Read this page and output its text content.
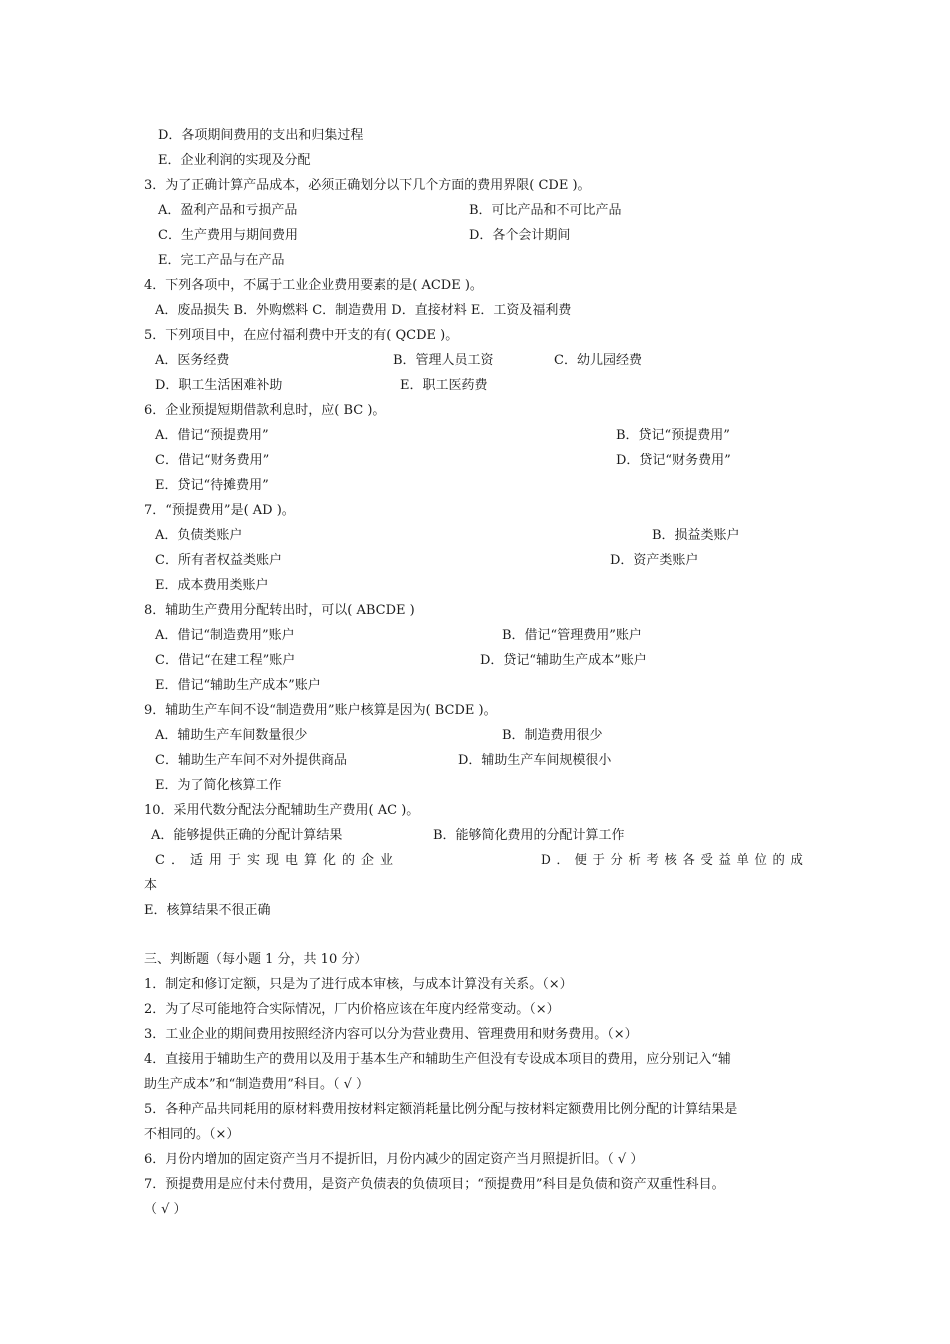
D．各项期间费用的支出和归集过程
E．企业利润的实现及分配
3．为了正确计算产品成本，必须正确划分以下几个方面的费用界限( CDE )。
A．盈利产品和亏损产品	B．可比产品和不可比产品
C．生产费用与期间费用	D．各个会计期间
E．完工产品与在产品
4．下列各项中，不属于工业企业费用要素的是( ACDE )。
A．废品损失 B．外购燃料 C．制造费用 D．直接材料 E．工资及福利费
5．下列项目中，在应付福利费中开支的有( QCDE )。
A．医务经费	B．管理人员工资	C．幼儿园经费
D．职工生活困难补助	E．职工医药费
6．企业预提短期借款利息时，应( BC )。
A．借记“预提费用”	B．贷记“预提费用”
C．借记“财务费用”	D．贷记“财务费用”
E．贷记“待摊费用”
7．“预提费用”是( AD )。
A．负债类账户	B．损益类账户
C．所有者权益类账户	D．资产类账户
E．成本费用类账户
8．辅助生产费用分配转出时，可以( ABCDE )
A．借记“制造费用”账户	B．借记“管理费用”账户
C．借记“在建工程”账户	D．贷记“辅助生产成本”账户
E．借记“辅助生产成本”账户
9．辅助生产车间不设“制造费用”账户核算是因为( BCDE )。
A．辅助生产车间数量很少	B．制造费用很少
C．辅助生产车间不对外提供商品	D．辅助生产车间规模很小
E．为了简化核算工作
10．采用代数分配法分配辅助生产费用( AC )。
A．能够提供正确的分配计算结果	B．能够简化费用的分配计算工作
C．适用于实现电算化的企业	D．便于分析考核各受益单位的成
本
E．核算结果不很正确
三、判断题（每小题 1 分，共 10 分）
1．制定和修订定额，只是为了进行成本审核，与成本计算没有关系。（×）
2．为了尽可能地符合实际情况，厂内价格应该在年度内经常变动。（×）
3．工业企业的期间费用按照经济内容可以分为营业费用、管理费用和财务费用。（×）
4．直接用于辅助生产的费用以及用于基本生产和辅助生产但没有专设成本项目的费用，应分别记入“辅
助生产成本”和“制造费用”科目。（ √ ）
5．各种产品共同耗用的原材料费用按材料定额消耗量比例分配与按材料定额费用比例分配的计算结果是
不相同的。（×）
6．月份内增加的固定资产当月不提折旧，月份内减少的固定资产当月照提折旧。（ √ ）
7．预提费用是应付未付费用，是资产负债表的负债项目；“预提费用”科目是负债和资产双重性科目。
（ √ ）
